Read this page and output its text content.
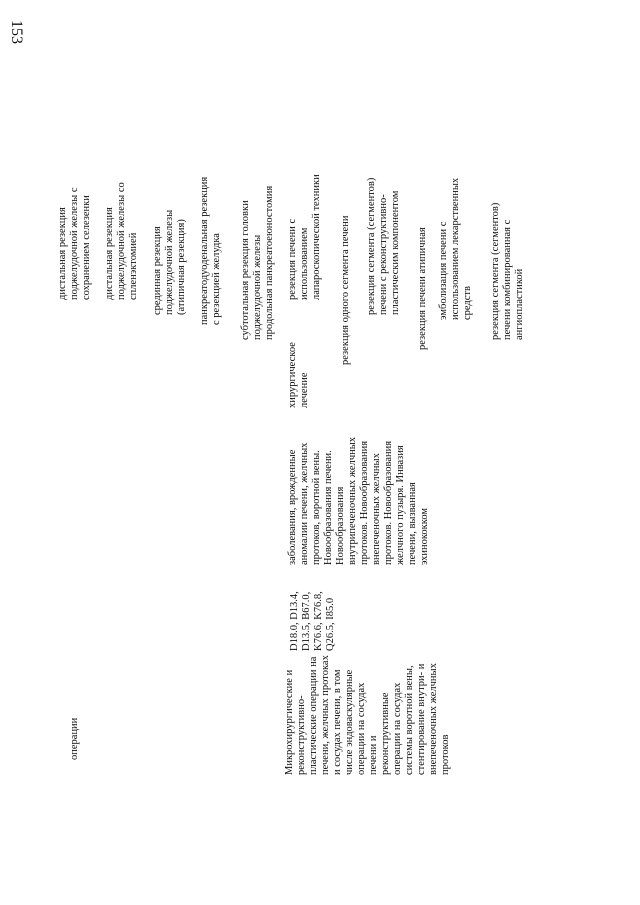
153

операции	Микрохирургические и
реконструктивно-
пластические операции на
печени, желчных протоках
и сосудах печени, в том
числе эндоваскулярные
операции на сосудах
печени и
реконструктивные
операции на сосудах
системы воротной вены,
стентирование внутри- и
внепеченочных желчных
протоков
D18.0, D13.4,
D13.5, B67.0,
K76.6, K76.8,
Q26.5, I85.0
заболевания, врожденные
аномалии печени, желчных
протоков, воротной вены.
Новообразования печени.
Новообразования
внутрипеченочных желчных
протоков. Новообразования
внепеченочных желчных
протоков. Новообразования
желчного пузыря. Инвазия
печени, вызванная
эхинококком
хирургическое
лечение

дистальная резекция
поджелудочной железы с
сохранением селезенки

дистальная резекция
поджелудочной железы со
спленэктомией срединная резекция
поджелудочной железы
(атипичная резекция) панкреатодуоденальная резекция
с резекцией желудка

субтотальная резекция головки
поджелудочной железы
продольная панкреатоеюностомия резекция печени с
использованием
лапароскопической техники

резекция одного сегмента печени резекция сегмента (сегментов)
печени с реконструктивно-
пластическим компонентом

резекция печени атипичная эмболизация печени с
использованием лекарственных
средств резекция сегмента (сегментов)
печени комбинированная с
ангиопластикой
